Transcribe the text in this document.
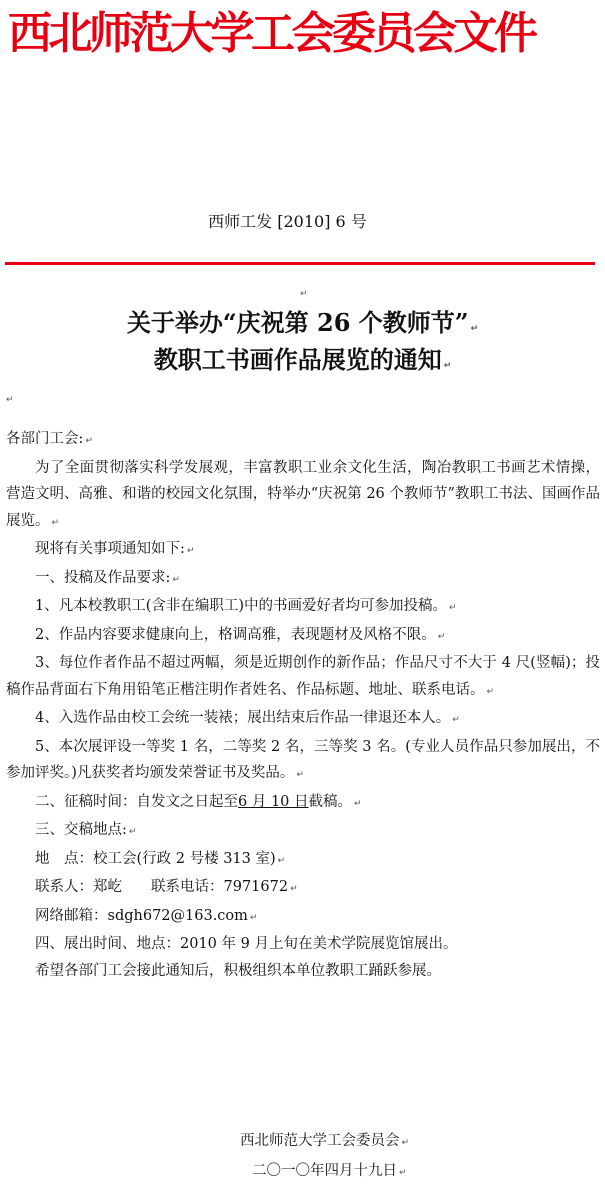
西北师范大学工会委员会文件
西师工发 [2010] 6 号
↵
关于举办“庆祝第 26 个教师节” ↵
教职工书画作品展览的通知 ↵
↵

各部门工会: ↵

为了全面贯彻落实科学发展观，丰富教职工业余文化生活，陶冶教职工书画艺术情操，营造文明、高雅、和谐的校园文化氛围，特举办“庆祝第 26 个教师节”教职工书法、国画作品展览。 ↵

现将有关事项通知如下: ↵

一、投稿及作品要求: ↵

1、凡本校教职工(含非在编职工)中的书画爱好者均可参加投稿。 ↵

2、作品内容要求健康向上，格调高雅，表现题材及风格不限。 ↵

3、每位作者作品不超过两幅，须是近期创作的新作品；作品尺寸不大于 4 尺(竖幅)；投稿作品背面右下角用铅笔正楷注明作者姓名、作品标题、地址、联系电话。 ↵

4、入选作品由校工会统一装裱；展出结束后作品一律退还本人。 ↵

5、本次展评设一等奖 1 名，二等奖 2 名，三等奖 3 名。(专业人员作品只参加展出，不参加评奖。)凡获奖者均颁发荣誉证书及奖品。 ↵

二、征稿时间：自发文之日起至6 月 10 日截稿。 ↵

三、交稿地点: ↵

地　点：校工会(行政 2 号楼 313 室) ↵

联系人：郑屹　　联系电话：7971672 ↵

网络邮箱：sdgh672@163.com ↵

四、展出时间、地点：2010 年 9 月上旬在美术学院展览馆展出。

希望各部门工会接此通知后，积极组织本单位教职工踊跃参展。

西北师范大学工会委员会 ↵
二〇一〇年四月十九日 ↵
